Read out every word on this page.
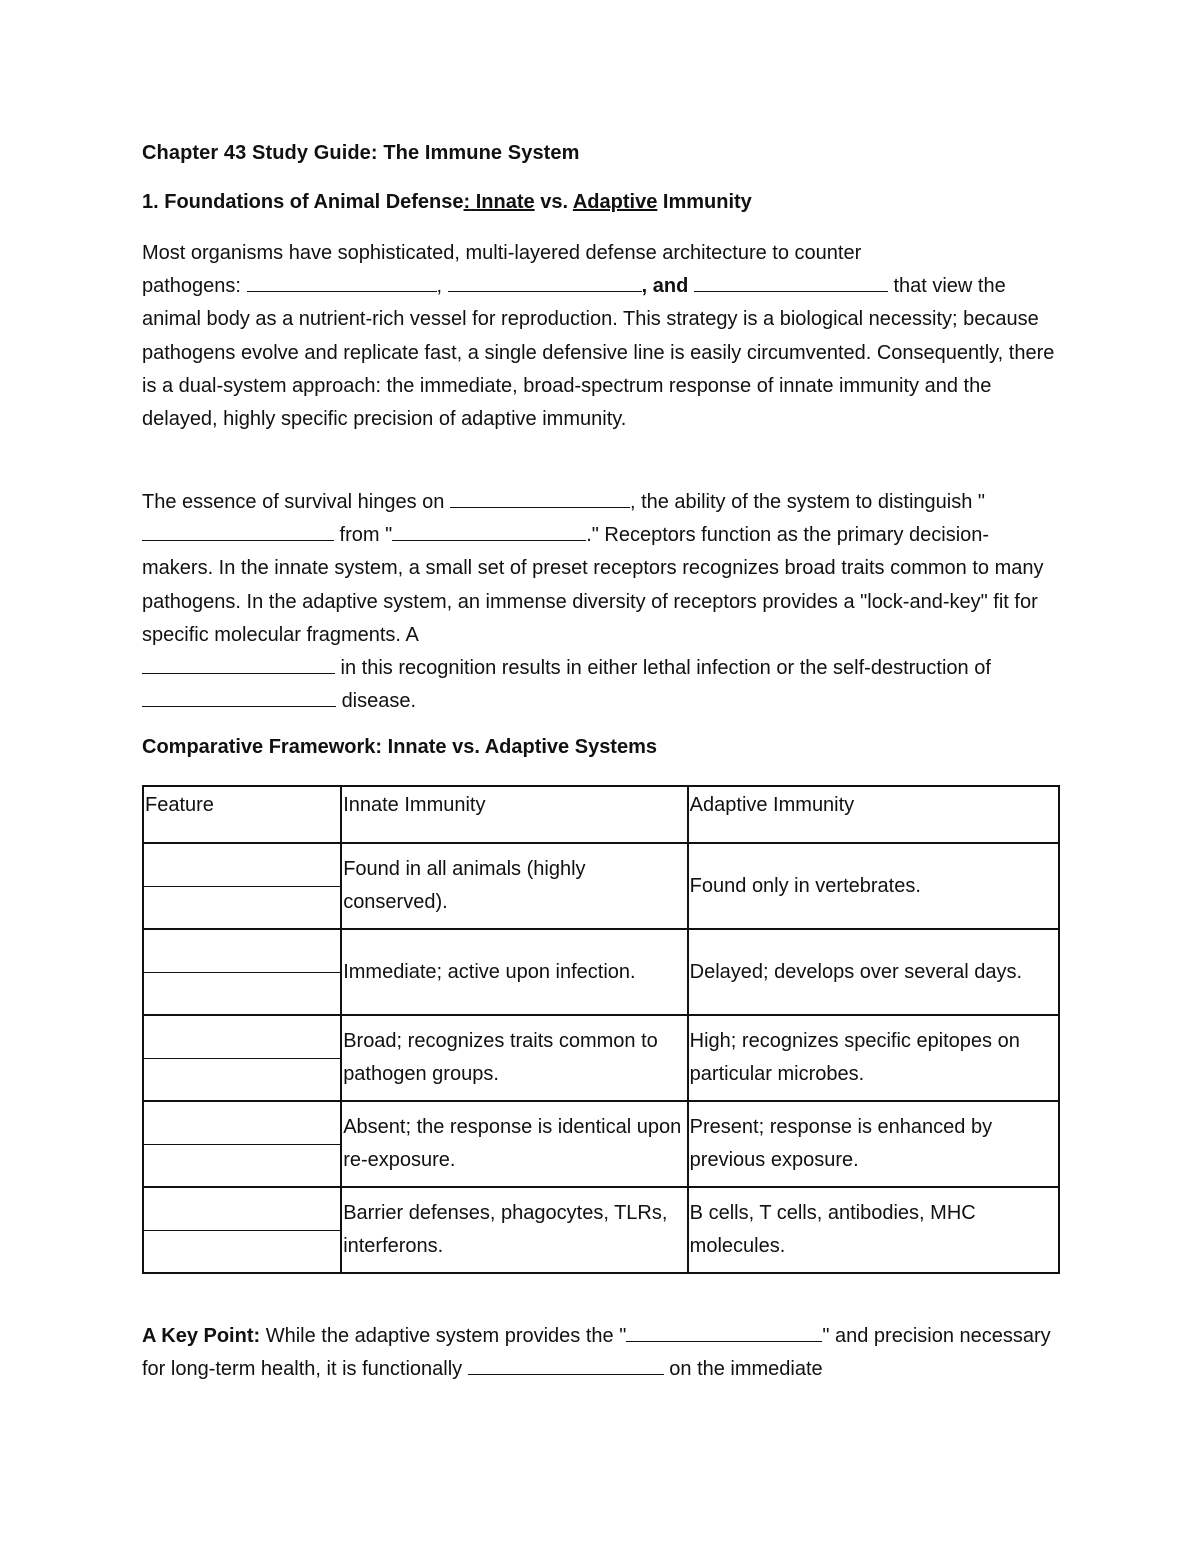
Chapter 43 Study Guide: The Immune System
1. Foundations of Animal Defense: Innate vs. Adaptive Immunity
Most organisms have sophisticated, multi-layered defense architecture to counter
pathogens:	,	, and	that view the animal body as a nutrient-rich vessel for reproduction. This strategy is a biological necessity; because pathogens evolve and replicate fast, a single defensive line is easily circumvented. Consequently, there is a dual-system approach: the immediate, broad-spectrum response of innate immunity and the delayed, highly specific precision of adaptive immunity.
The essence of survival hinges on	, the ability of the system to distinguish " from "	." Receptors function as the primary decision-makers. In the innate system, a small set of preset receptors recognizes broad traits common to many pathogens. In the adaptive system, an immense diversity of receptors provides a "lock-and-key" fit for specific molecular fragments. A
in this recognition results in either lethal infection or the self-destruction of  disease.
Comparative Framework: Innate vs. Adaptive Systems
Feature	Innate Immunity	Adaptive Immunity

	Found in all animals (highly conserved).	Found only in vertebrates.

	Immediate; active upon infection.	Delayed; develops over several days.

	Broad; recognizes traits common to pathogen groups.	High; recognizes specific epitopes on particular microbes.

	Absent; the response is identical upon re-exposure.	Present; response is enhanced by previous exposure.

	Barrier defenses, phagocytes, TLRs, interferons.	B cells, T cells, antibodies, MHC molecules.
A Key Point: While the adaptive system provides the "	" and precision necessary for long-term health, it is functionally	on the immediate
